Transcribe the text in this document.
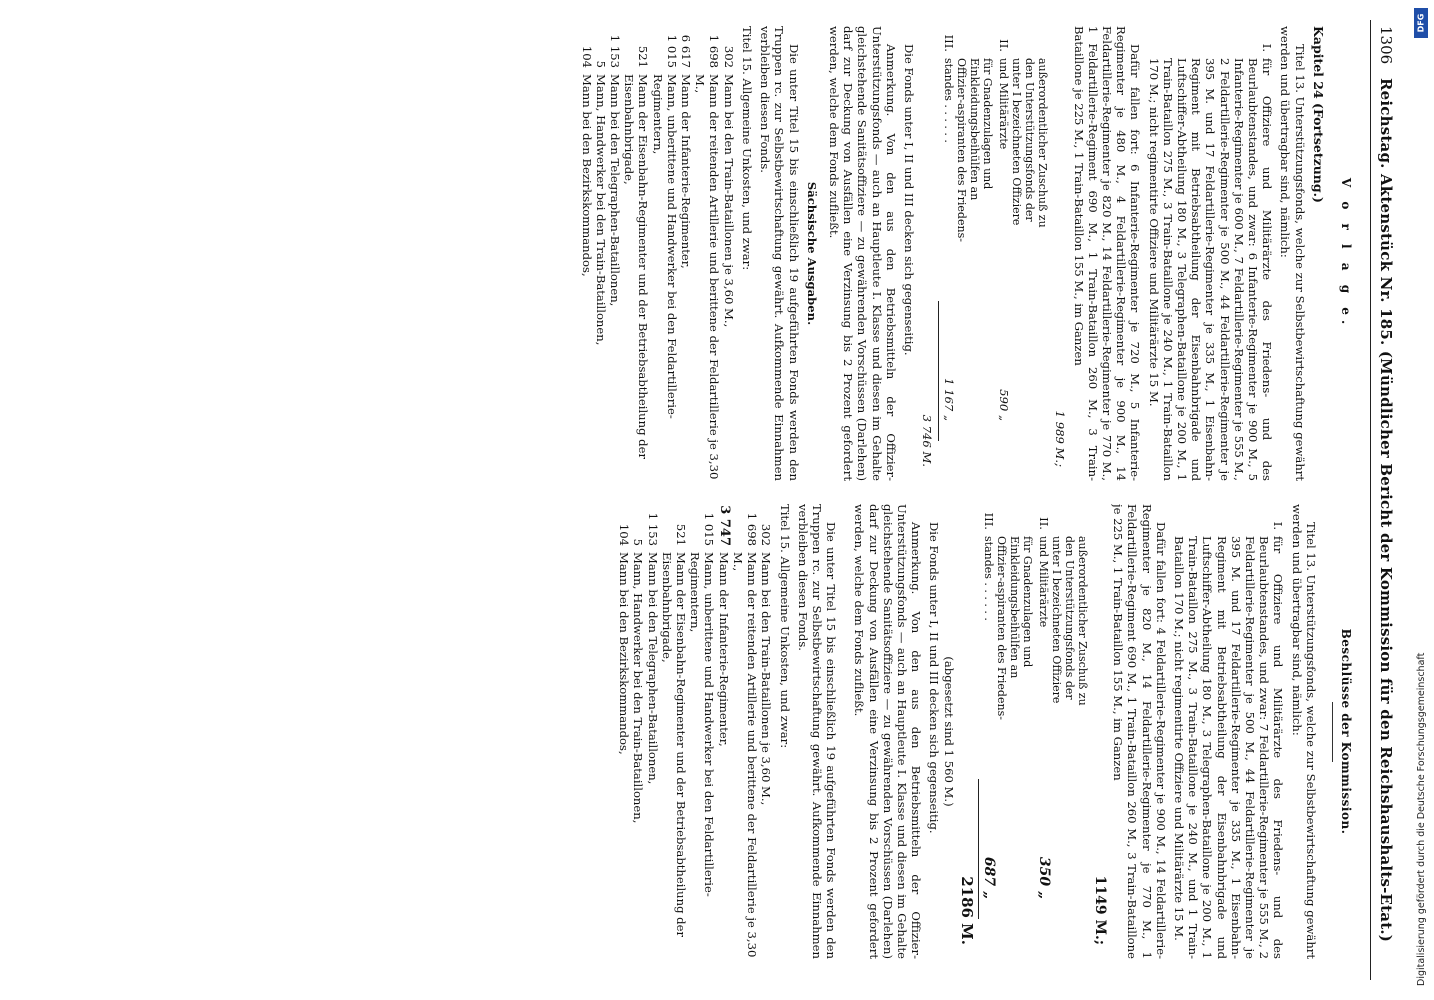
1306
Reichstag. Aktenstück Nr. 185. (Mündlicher Bericht der Kommission für den Reichshaushalts-Etat.)
V o r l a g e.

Kapitel 24 (Fortsetzung.)

Titel 13. Unterstützungsfonds, welche zur Selbstbewirtschaftung gewährt werden und übertragbar sind, nämlich:

I.
für Offiziere und Militärärzte des Friedens- und des Beurlaubtenstandes, und zwar: 6 Infanterie-Regimenter je 900 M., 5 Infanterie-Regimenter je 600 M., 7 Feldartillerie-Regimenter je 555 M., 2 Feldartillerie-Regimenter je 500 M., 44 Feldartillerie-Regimenter je 395 M. und 17 Feldartillerie-Regimenter je 335 M., 1 Eisenbahn-Regiment mit Betriebsabtheilung der Eisenbahnbrigade und Luftschiffer-Abtheilung 180 M., 3 Telegraphen-Bataillone je 200 M., 1 Train-Bataillon 275 M., 3 Train-Bataillone je 240 M., 1 Train-Bataillon 170 M.; nicht regimentirte Offiziere und Militärärzte 15 M.

Dafür fallen fort: 6 Infanterie-Regimenter je 720 M., 5 Infanterie-Regimenter je 480 M., 4 Feldartillerie-Regimenter je 900 M., 14 Feldartillerie-Regimenter je 820 M., 14 Feldartillerie-Regimenter je 770 M., 1 Feldartillerie-Regiment 690 M., 1 Train-Bataillon 260 M., 3 Train-Bataillone je 225 M., 1 Train-Bataillon 155 M., im Ganzen

1 989 M.;
II.
außerordentlicher Zuschuß zu den Unterstützungsfonds der unter I bezeichneten Offiziere und Militärärzte
590 „
III.
für Gnadenzulagen und Einkleidungsbeihülfen an Offizier-aspiranten des Friedens-standes . . . . . .
1 167 „
3 746 M.

Die Fonds unter I, II und III decken sich gegenseitig.

Anmerkung. Von den aus den Betriebsmitteln der Offizier-Unterstützungsfonds — auch an Hauptleute I. Klasse und diesen im Gehalte gleichstehende Sanitätsoffiziere — zu gewährenden Vorschüssen (Darlehen) darf zur Deckung von Ausfällen eine Verzinsung bis 2 Prozent gefordert werden, welche dem Fonds zufließt.

Sächsische Ausgaben.

Die unter Titel 15 bis einschließlich 19 aufgeführten Fonds werden den Truppen rc. zur Selbstbewirtschaftung gewährt. Aufkommende Einnahmen verbleiben diesen Fonds.

Titel 15. Allgemeine Unkosten, und zwar:

302
Mann bei den Train-Bataillonen je 3,60 M.,
1 698
Mann der reitenden Artillerie und berittene der Feldartillerie je 3,30 M.,
6 617
Mann der Infanterie-Regimenter,
1 015
Mann, unberittene und Handwerker bei den Feldartillerie-Regimentern,
521
Mann der Eisenbahn-Regimenter und der Betriebsabtheilung der Eisenbahnbrigade,
1 153
Mann bei den Telegraphen-Bataillonen,
5
Mann, Handwerker bei den Train-Bataillonen,
104
Mann bei den Bezirkskommandos,
Beschlüsse der Kommission.

Titel 13. Unterstützungsfonds, welche zur Selbstbewirtschaftung gewährt werden und übertragbar sind, nämlich:

I.
für Offiziere und Militärärzte des Friedens- und des Beurlaubtenstandes, und zwar: 7 Feldartillerie-Regimenter je 555 M., 2 Feldartillerie-Regimenter je 500 M., 44 Feldartillerie-Regimenter je 395 M. und 17 Feldartillerie-Regimenter je 335 M., 1 Eisenbahn-Regiment mit Betriebsabtheilung der Eisenbahnbrigade und Luftschiffer-Abtheilung 180 M., 3 Telegraphen-Bataillone je 200 M., 1 Train-Bataillon 275 M., 3 Train-Bataillone je 240 M., und 1 Train-Bataillon 170 M.; nicht regimentirte Offiziere und Militärärzte 15 M.

Dafür fallen fort: 4 Feldartillerie-Regimenter je 900 M., 14 Feldartillerie-Regimenter je 820 M., 14 Feldartillerie-Regimenter je 770 M., 1 Feldartillerie-Regiment 690 M., 1 Train-Bataillon 260 M., 3 Train-Bataillone je 225 M., 1 Train-Bataillon 155 M., im Ganzen

1149 M.;
II.
außerordentlicher Zuschuß zu den Unterstützungsfonds der unter I bezeichneten Offiziere und Militärärzte
350 „
III.
für Gnadenzulagen und Einkleidungsbeihülfen an Offizier-aspiranten des Friedens-standes . . . . . .
687 „
2186 M.
(abgesetzt sind 1 560 M.)

Die Fonds unter I, II und III decken sich gegenseitig.

Anmerkung. Von den aus den Betriebsmitteln der Offizier-Unterstützungsfonds — auch an Hauptleute I. Klasse und diesen im Gehalte gleichstehende Sanitätsoffiziere — zu gewährenden Vorschüssen (Darlehen) darf zur Deckung von Ausfällen eine Verzinsung bis 2 Prozent gefordert werden, welche dem Fonds zufließt.

Die unter Titel 15 bis einschließlich 19 aufgeführten Fonds werden den Truppen rc. zur Selbstbewirtschaftung gewährt. Aufkommende Einnahmen verbleiben diesen Fonds.

Titel 15. Allgemeine Unkosten, und zwar:

302
Mann bei den Train-Bataillonen je 3,60 M.,
1 698
Mann der reitenden Artillerie und berittene der Feldartillerie je 3,30 M.,
3 747
Mann der Infanterie-Regimenter,
1 015
Mann, unberittene und Handwerker bei den Feldartillerie-Regimentern,
521
Mann der Eisenbahn-Regimenter und der Betriebsabtheilung der Eisenbahnbrigade,
1 153
Mann bei den Telegraphen-Bataillonen,
5
Mann, Handwerker bei den Train-Bataillonen,
104
Mann bei den Bezirkskommandos,
DFG
Digitalisierung gefördert durch die Deutsche Forschungsgemeinschaft
